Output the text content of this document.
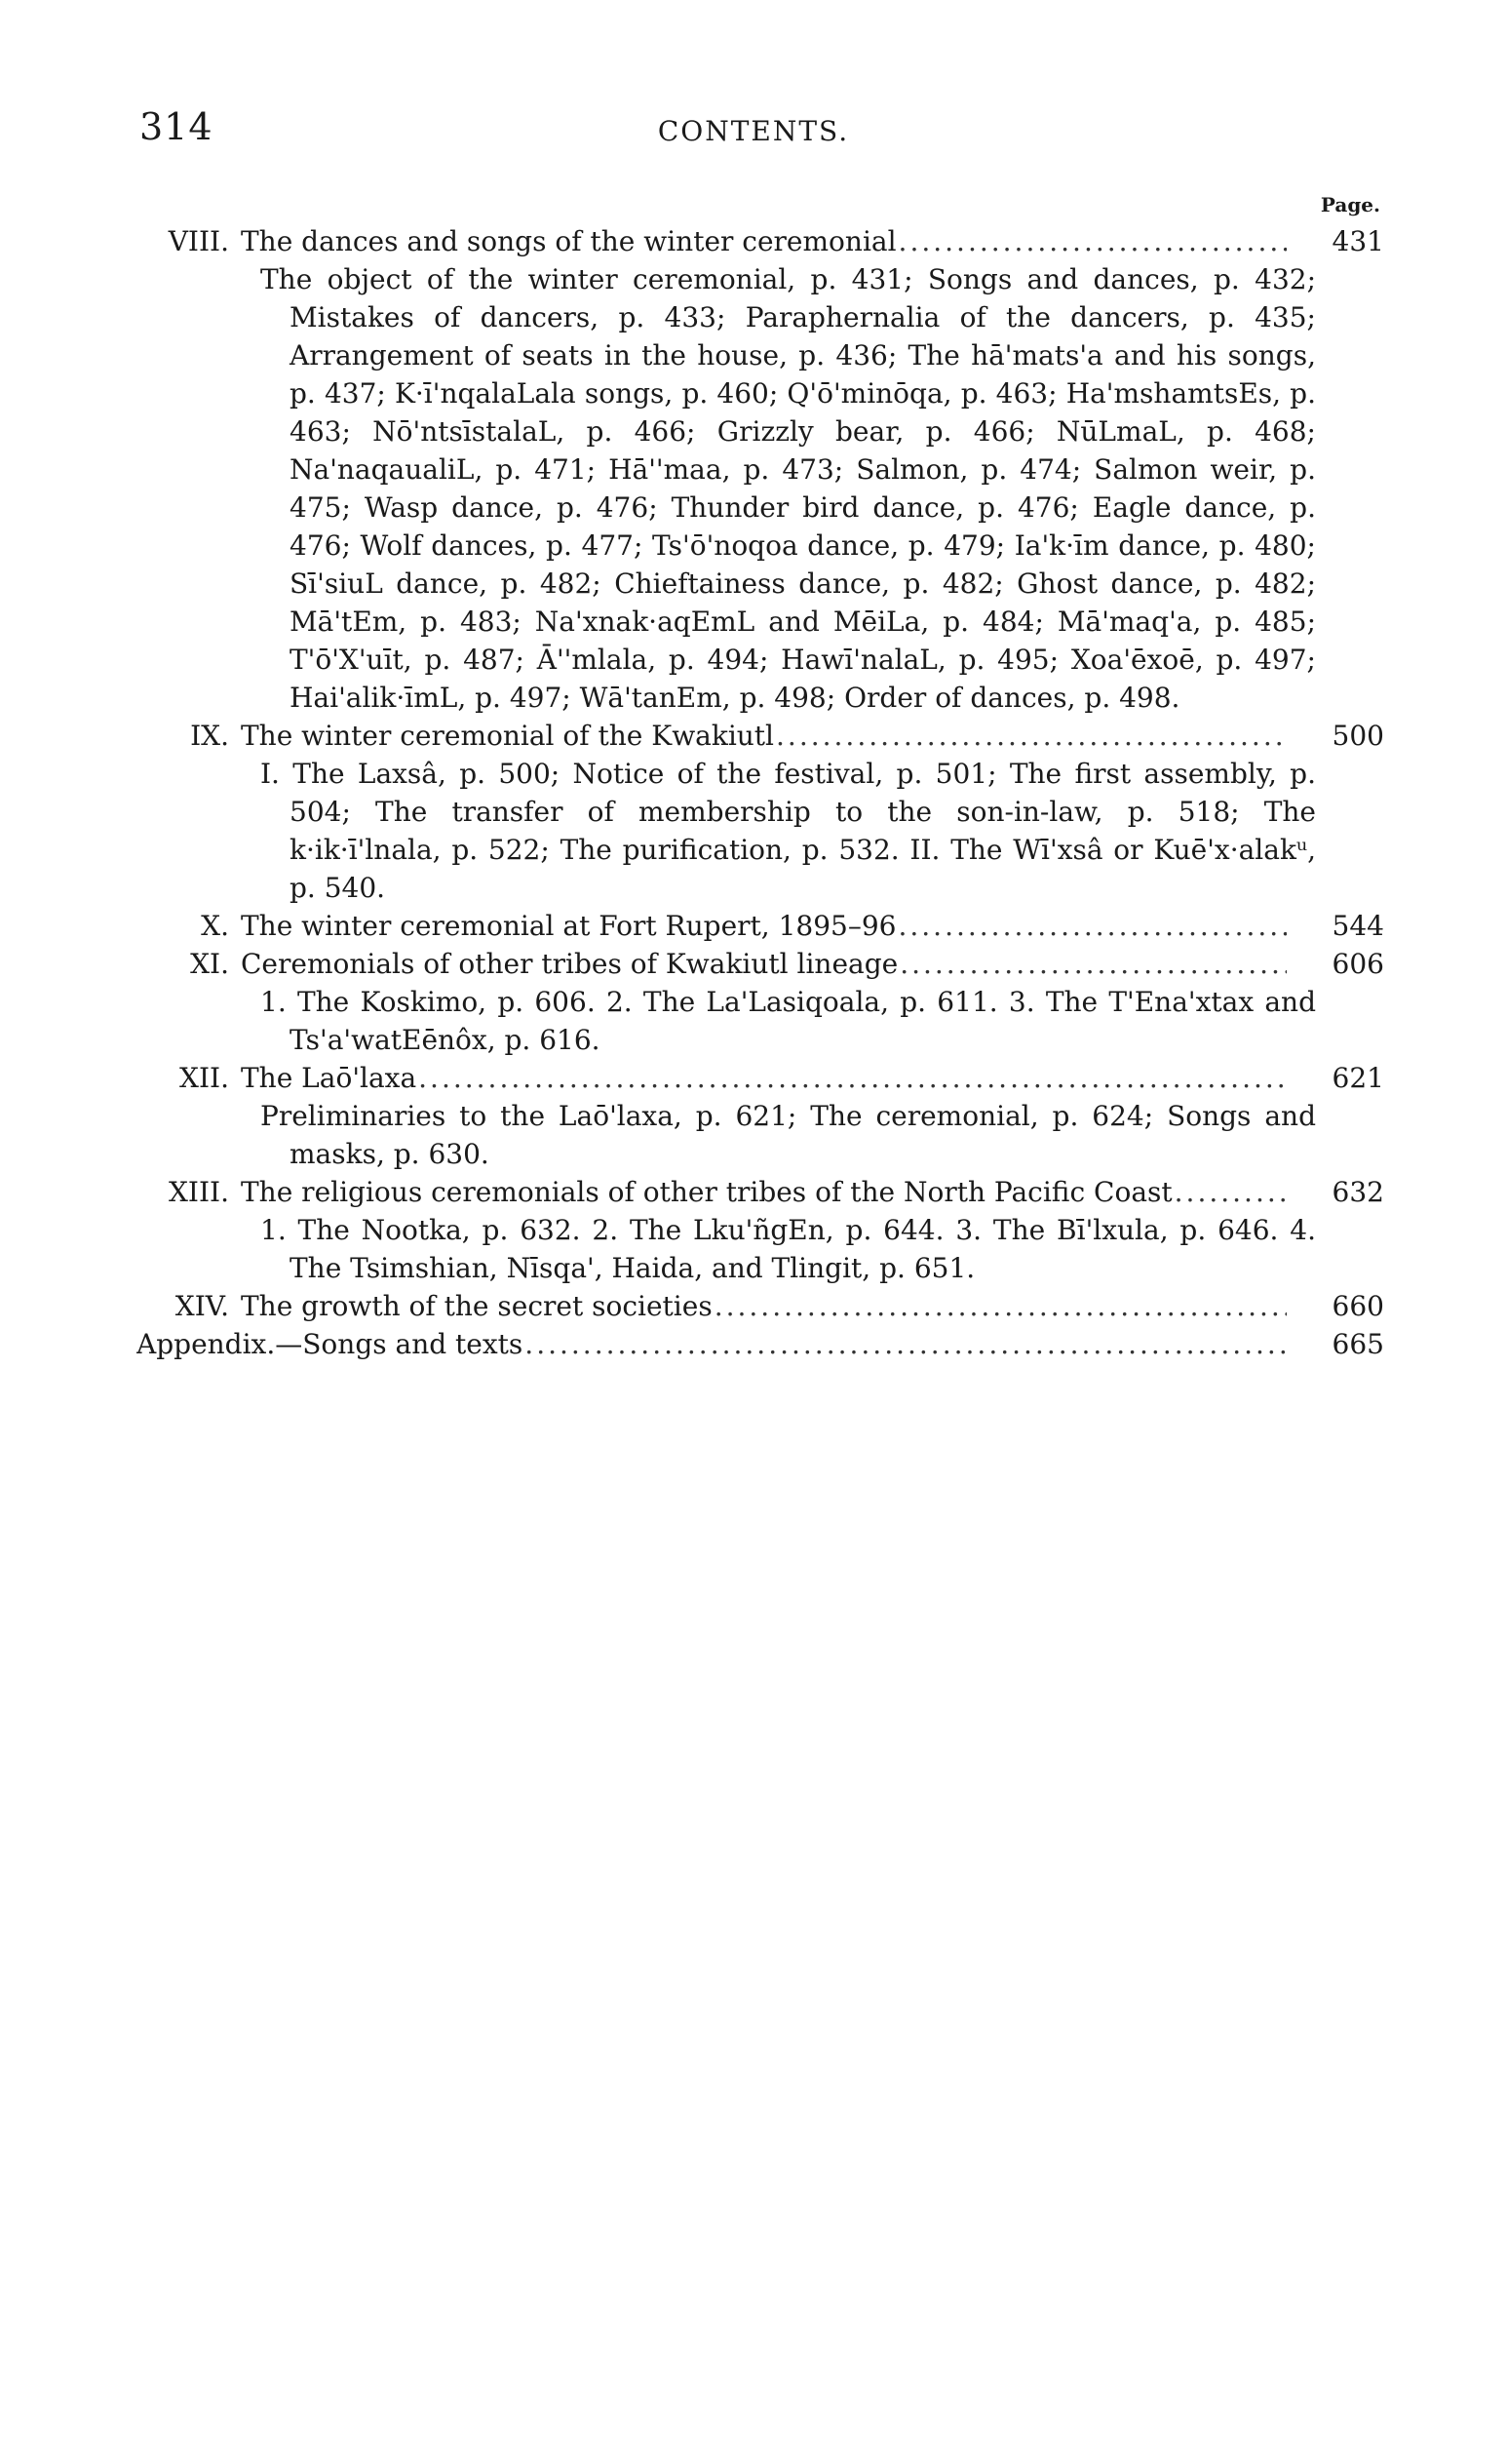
314	CONTENTS.
Page.
VIII. The dances and songs of the winter ceremonial .....	431
The object of the winter ceremonial, p. 431; Songs and dances, p. 432; Mistakes of dancers, p. 433; Paraphernalia of the dancers, p. 435; Arrangement of seats in the house, p. 436; The hā'mats'a and his songs, p. 437; K·ī'nqalaLala songs, p. 460; Q'ō'minōqa, p. 463; Ha'mshamtsEs, p. 463; Nō'ntsīstalaL, p. 466; Grizzly bear, p. 466; NūLmaL, p. 468; Na'naqaualiL, p. 471; Hā''maa, p. 473; Salmon, p. 474; Salmon weir, p. 475; Wasp dance, p. 476; Thunder bird dance, p. 476; Eagle dance, p. 476; Wolf dances, p. 477; Ts'ō'noqoa dance, p. 479; Ia'k·īm dance, p. 480; Sī'siuL dance, p. 482; Chieftainess dance, p. 482; Ghost dance, p. 482; Mā'tEm, p. 483; Na'xnak·aqEmL and MēiLa, p. 484; Mā'maq'a, p. 485; T'ō'X'uīt, p. 487; Ā''mlala, p. 494; Hawī'nalaL, p. 495; Xoa'ēxoē, p. 497; Hai'alik·īmL, p. 497; Wā'tanEm, p. 498; Order of dances, p. 498.
IX. The winter ceremonial of the Kwakiutl .....	500
I. The Laxsâ, p. 500; Notice of the festival, p. 501; The first assembly, p. 504; The transfer of membership to the son-in-law, p. 518; The k·ik·ī'lnala, p. 522; The purification, p. 532. II. The Wī'xsâ or Kuē'x·alakᵘ, p. 540.
X. The winter ceremonial at Fort Rupert, 1895–96 .....	544
XI. Ceremonials of other tribes of Kwakiutl lineage .....	606
1. The Koskimo, p. 606. 2. The La'Lasiqoala, p. 611. 3. The T'Ena'xtax and Ts'a'watEēnôx, p. 616.
XII. The Laō'laxa .....	621
Preliminaries to the Laō'laxa, p. 621; The ceremonial, p. 624; Songs and masks, p. 630.
XIII. The religious ceremonials of other tribes of the North Pacific Coast .....	632
1. The Nootka, p. 632. 2. The Lku'ñgEn, p. 644. 3. The Bī'lxula, p. 646. 4. The Tsimshian, Nīsqa', Haida, and Tlingit, p. 651.
XIV. The growth of the secret societies .....	660
Appendix.—Songs and texts .....	665
